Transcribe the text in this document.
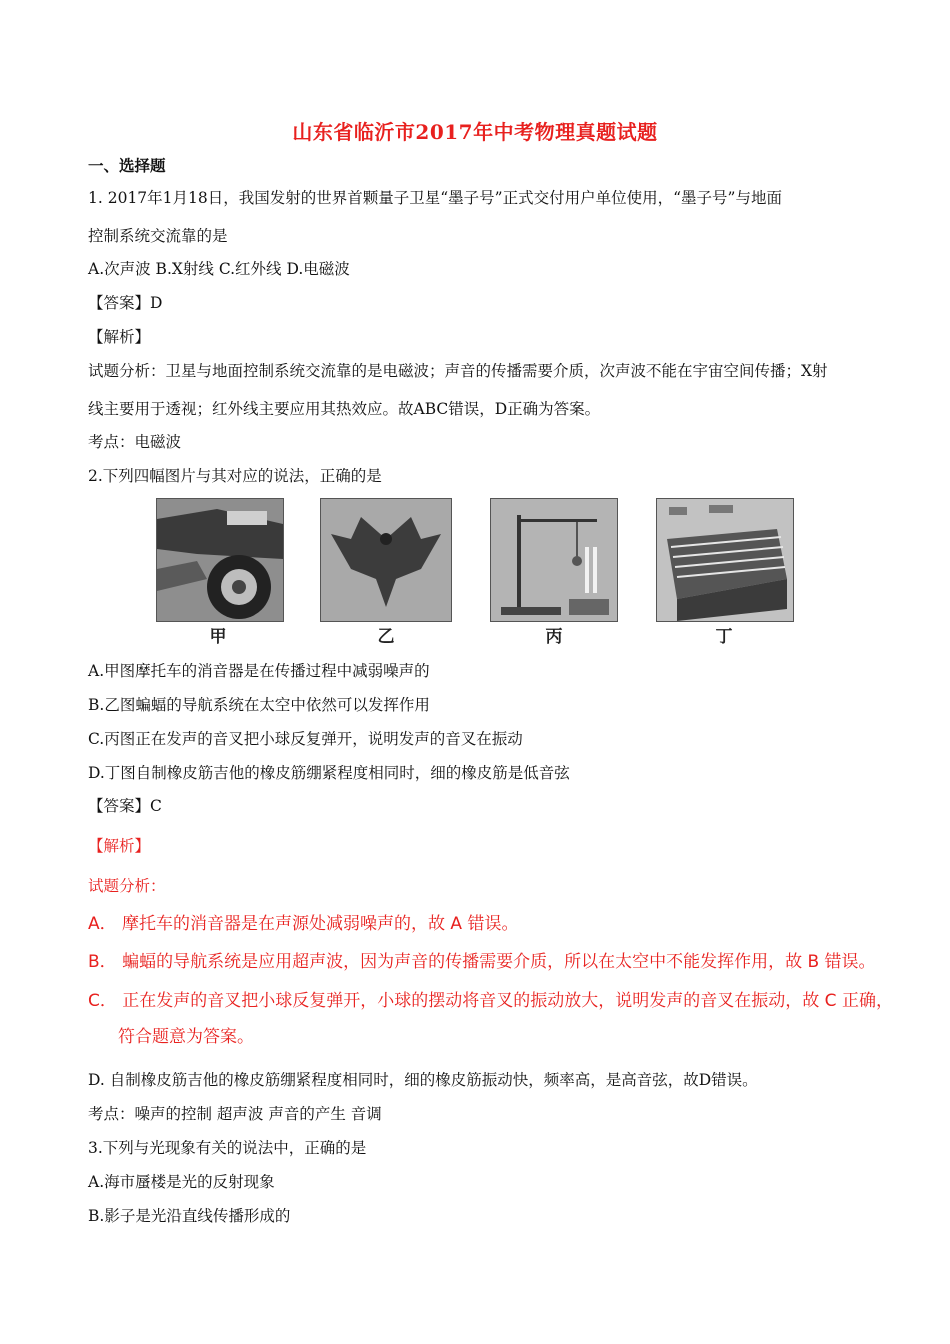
山东省临沂市2017年中考物理真题试题
一、选择题
1. 2017年1月18日，我国发射的世界首颗量子卫星“墨子号”正式交付用户单位使用，“墨子号”与地面
控制系统交流靠的是
A.次声波 B.X射线 C.红外线 D.电磁波
【答案】D
【解析】
试题分析：卫星与地面控制系统交流靠的是电磁波；声音的传播需要介质，次声波不能在宇宙空间传播；X射
线主要用于透视；红外线主要应用其热效应。故ABC错误，D正确为答案。
考点：电磁波
2.下列四幅图片与其对应的说法，正确的是
甲	乙	丙	丁
A.甲图摩托车的消音器是在传播过程中减弱噪声的
B.乙图蝙蝠的导航系统在太空中依然可以发挥作用
C.丙图正在发声的音叉把小球反复弹开，说明发声的音叉在振动
D.丁图自制橡皮筋吉他的橡皮筋绷紧程度相同时，细的橡皮筋是低音弦
【答案】C
【解析】
试题分析：
A． 摩托车的消音器是在声源处减弱噪声的，故 A 错误。
B． 蝙蝠的导航系统是应用超声波，因为声音的传播需要介质，所以在太空中不能发挥作用，故 B 错误。
C． 正在发声的音叉把小球反复弹开，小球的摆动将音叉的振动放大，说明发声的音叉在振动，故 C 正确，
符合题意为答案。
D. 自制橡皮筋吉他的橡皮筋绷紧程度相同时，细的橡皮筋振动快，频率高，是高音弦，故D错误。
考点：噪声的控制 超声波 声音的产生 音调
3.下列与光现象有关的说法中，正确的是
A.海市蜃楼是光的反射现象
B.影子是光沿直线传播形成的
